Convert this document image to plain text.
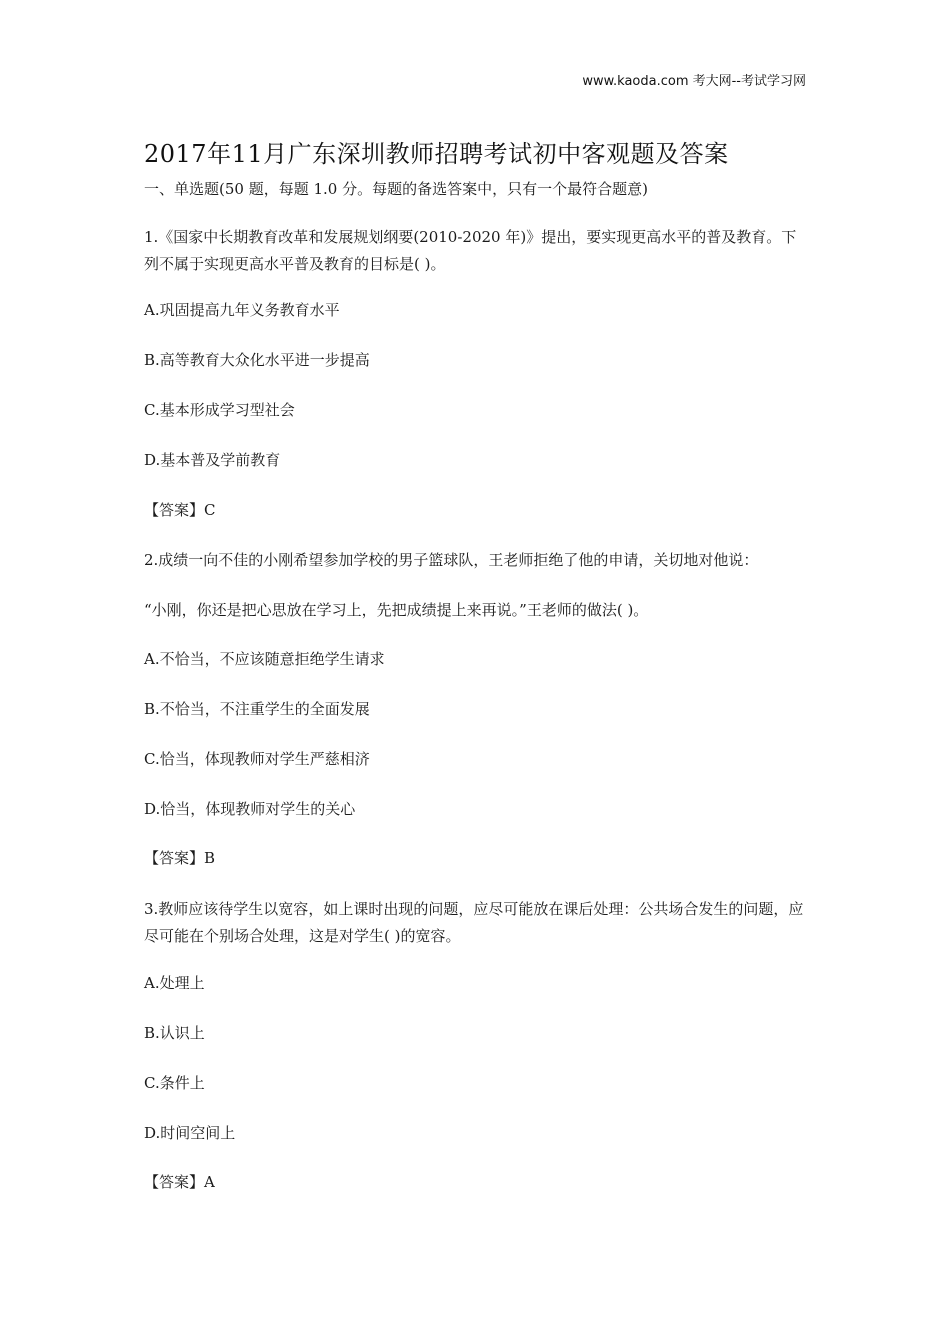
www.kaoda.com 考大网--考试学习网
2017年11月广东深圳教师招聘考试初中客观题及答案
一、单选题(50 题，每题 1.0 分。每题的备选答案中，只有一个最符合题意)
1.《国家中长期教育改革和发展规划纲要(2010-2020 年)》提出，要实现更高水平的普及教育。下列不属于实现更高水平普及教育的目标是( )。
A.巩固提高九年义务教育水平
B.高等教育大众化水平进一步提高
C.基本形成学习型社会
D.基本普及学前教育
【答案】C
2.成绩一向不佳的小刚希望参加学校的男子篮球队，王老师拒绝了他的申请，关切地对他说：
“小刚，你还是把心思放在学习上，先把成绩提上来再说。”王老师的做法( )。
A.不恰当，不应该随意拒绝学生请求
B.不恰当，不注重学生的全面发展
C.恰当，体现教师对学生严慈相济
D.恰当，体现教师对学生的关心
【答案】B
3.教师应该待学生以宽容，如上课时出现的问题，应尽可能放在课后处理：公共场合发生的问题，应尽可能在个别场合处理，这是对学生( )的宽容。
A.处理上
B.认识上
C.条件上
D.时间空间上
【答案】A
